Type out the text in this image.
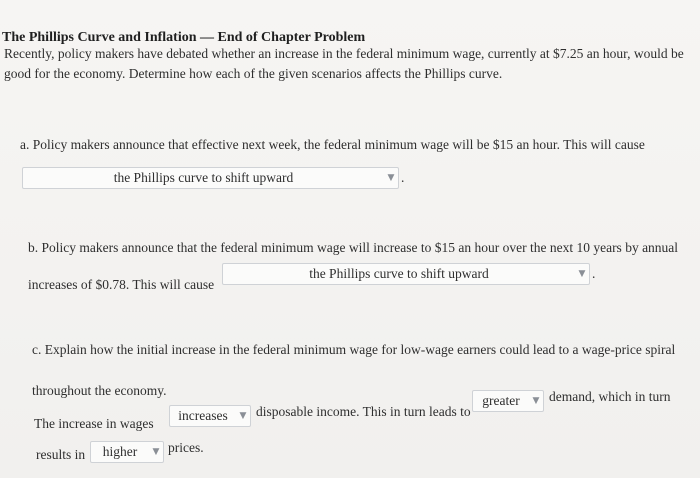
The Phillips Curve and Inflation — End of Chapter Problem
Recently, policy makers have debated whether an increase in the federal minimum wage, currently at $7.25 an hour, would be good for the economy. Determine how each of the given scenarios affects the Phillips curve.
a. Policy makers announce that effective next week, the federal minimum wage will be $15 an hour. This will cause
the Phillips curve to shift upward	▼ .
b. Policy makers announce that the federal minimum wage will increase to $15 an hour over the next 10 years by annual
increases of $0.78. This will cause
the Phillips curve to shift upward	▼ .
c. Explain how the initial increase in the federal minimum wage for low-wage earners could lead to a wage-price spiral
throughout the economy.
The increase in wages
increases	▼ disposable income. This in turn leads to
greater	▼ demand, which in turn
results in	higher	▼ prices.
